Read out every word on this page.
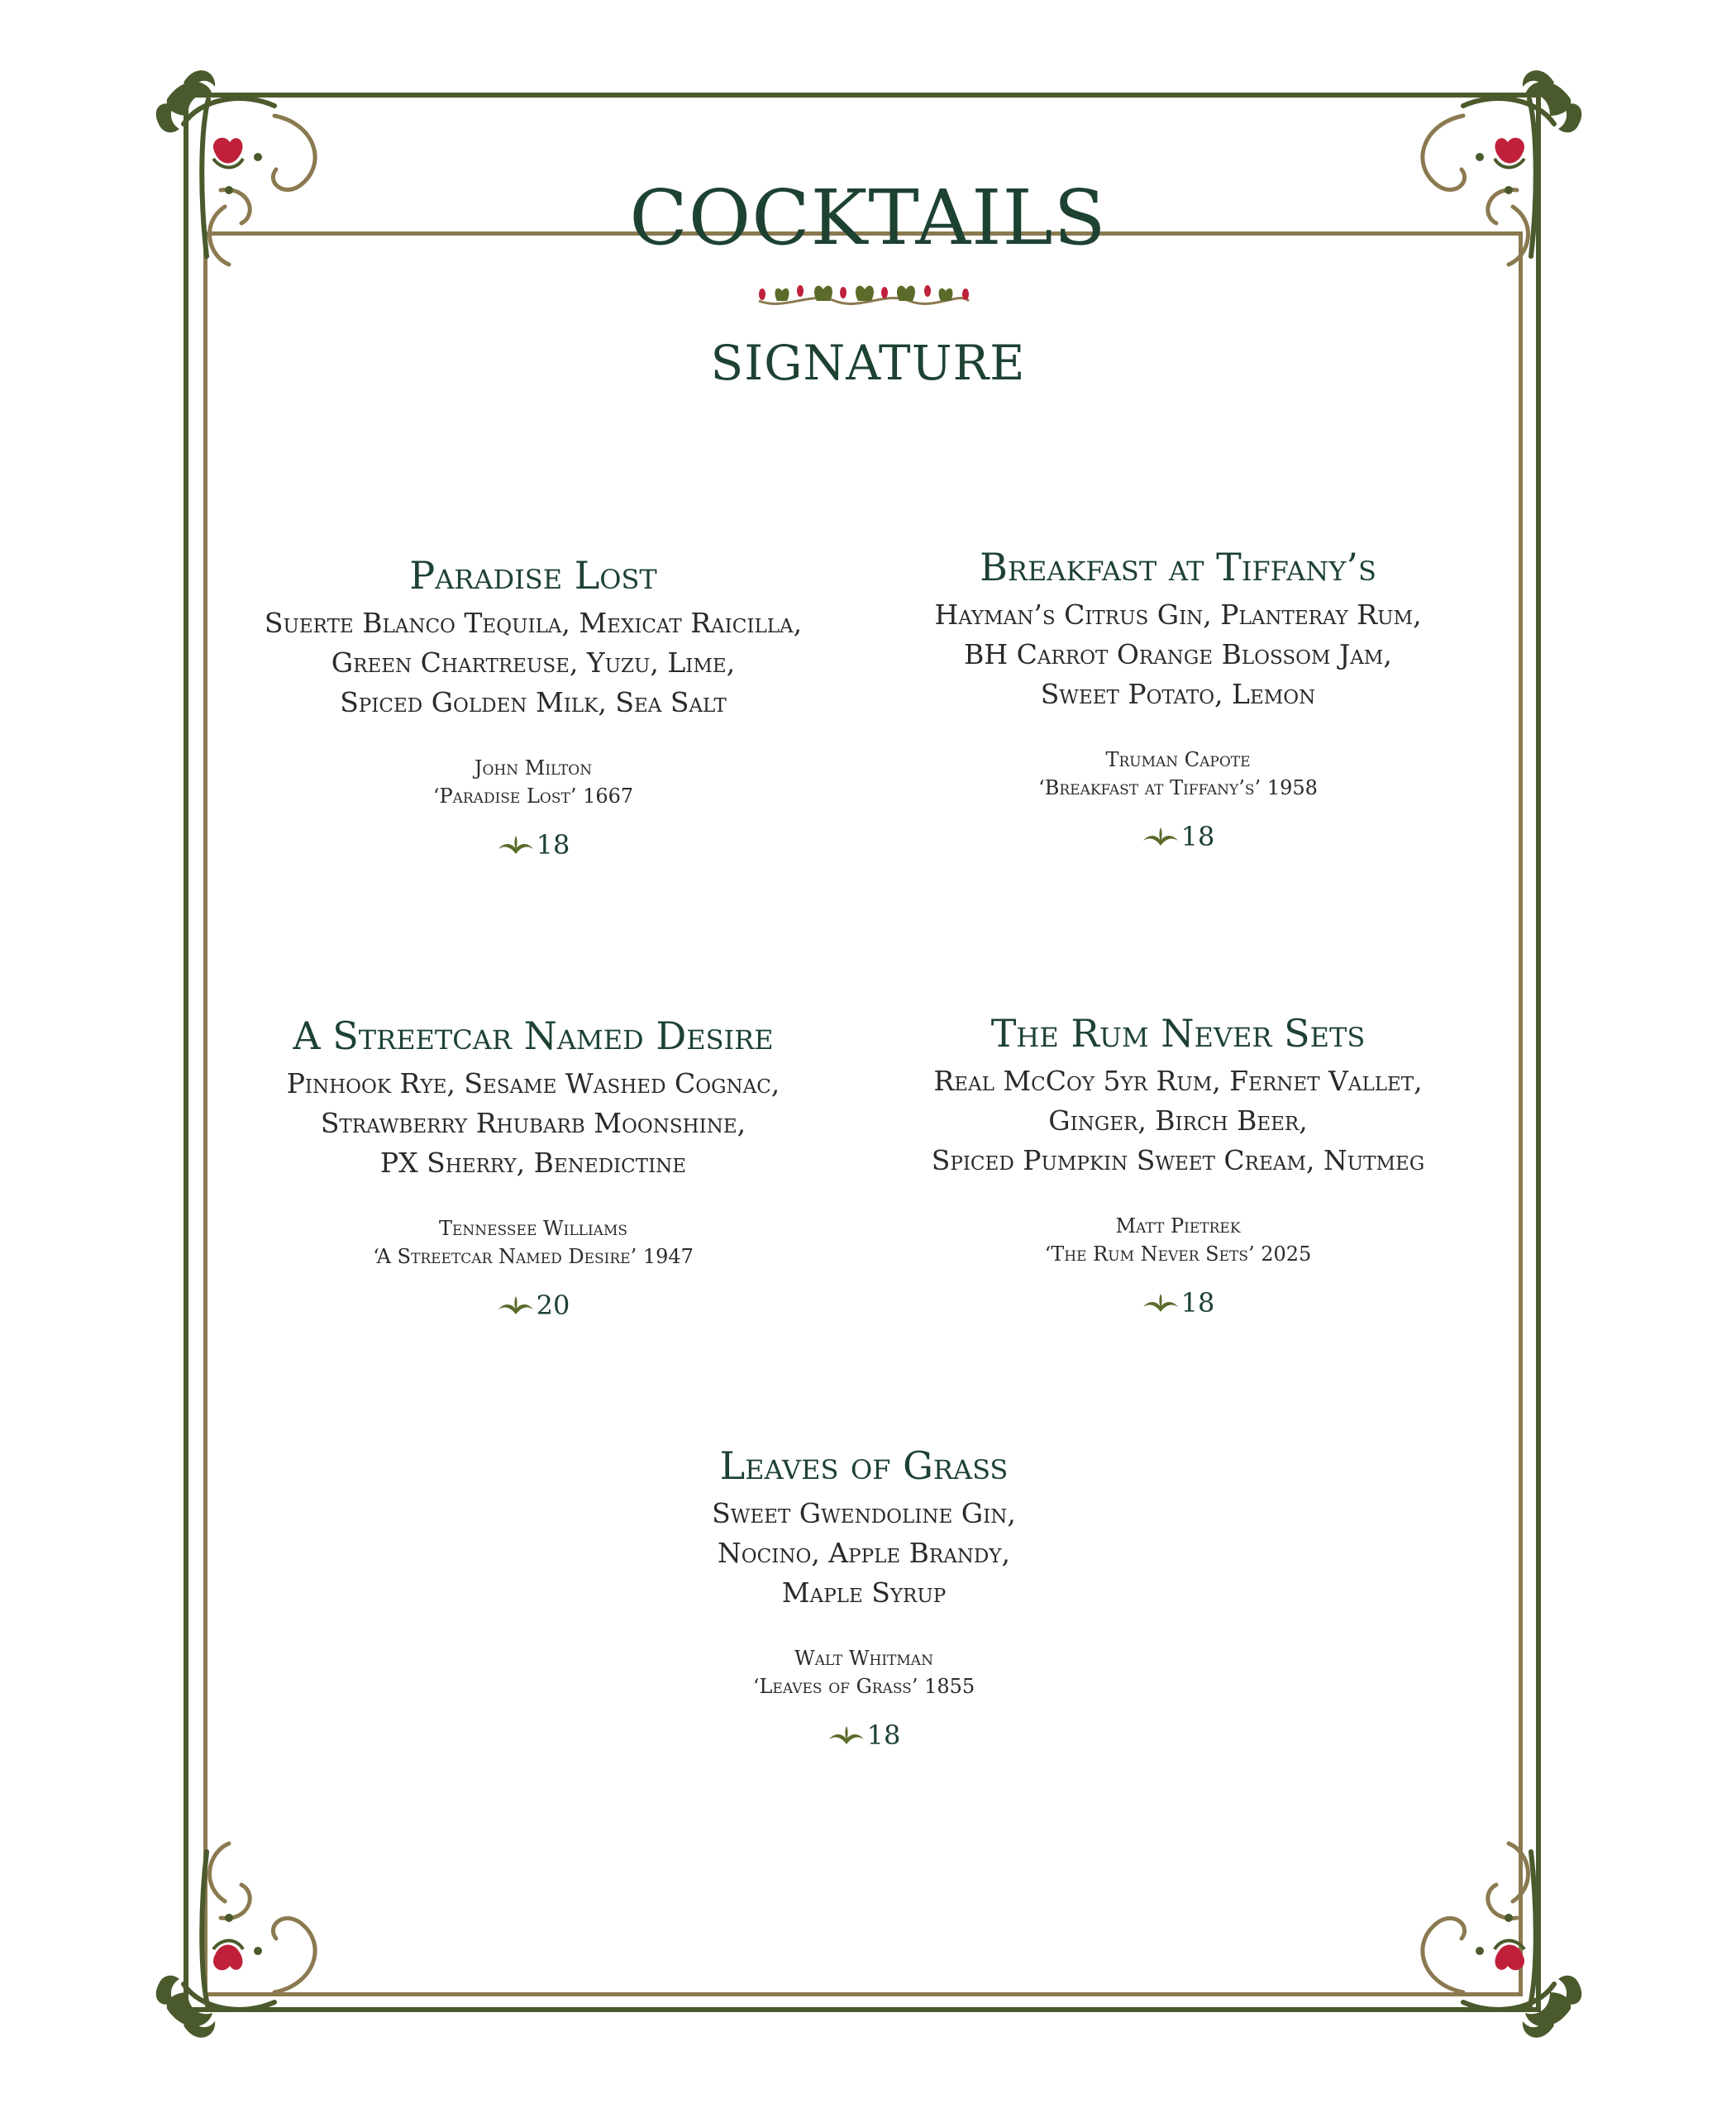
COCKTAILS
SIGNATURE
Paradise Lost
Suerte Blanco Tequila, Mexicat Raicilla,
Green Chartreuse, Yuzu, Lime,
Spiced Golden Milk, Sea Salt
John Milton
‘Paradise Lost’ 1667
18
Breakfast at Tiffany’s
Hayman’s Citrus Gin, Planteray Rum,
BH Carrot Orange Blossom Jam,
Sweet Potato, Lemon
Truman Capote
‘Breakfast at Tiffany’s’ 1958
18
A Streetcar Named Desire
Pinhook Rye, Sesame Washed Cognac,
Strawberry Rhubarb Moonshine,
PX Sherry, Benedictine
Tennessee Williams
‘A Streetcar Named Desire’ 1947
20
The Rum Never Sets
Real McCoy 5yr Rum, Fernet Vallet,
Ginger, Birch Beer,
Spiced Pumpkin Sweet Cream, Nutmeg
Matt Pietrek
‘The Rum Never Sets’ 2025
18
Leaves of Grass
Sweet Gwendoline Gin,
Nocino, Apple Brandy,
Maple Syrup
Walt Whitman
‘Leaves of Grass’ 1855
18
